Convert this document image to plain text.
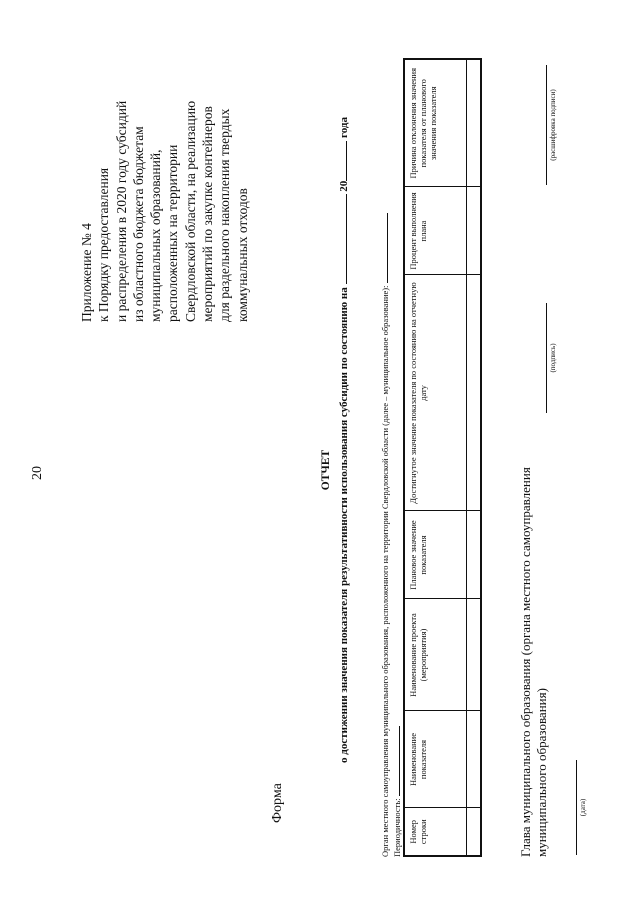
20
Приложение № 4 к Порядку предоставления и распределения в 2020 году субсидий из областного бюджета бюджетам муниципальных образований, расположенных на территории Свердловской области, на реализацию мероприятий по закупке контейнеров для раздельного накопления твердых коммунальных отходов
Форма
ОТЧЕТ о достижении значения показателя результативности использования субсидии по состоянию на  20 года
Орган местного самоуправления муниципального образования, расположенного на территории Свердловской области (далее – муниципальное образование): Периодичность: Номер строки	Наименование показателя	Наименование проекта (мероприятия)	Плановое значение показателя	Достигнутое значение показателя по состоянию на отчетную дату	Процент выполнения плана	Причина отклонения значения показателя от планового значения показателя

Глава муниципального образования (органа местного самоуправления муниципального образования)
(подпись)
(расшифровка подписи)
(дата)
